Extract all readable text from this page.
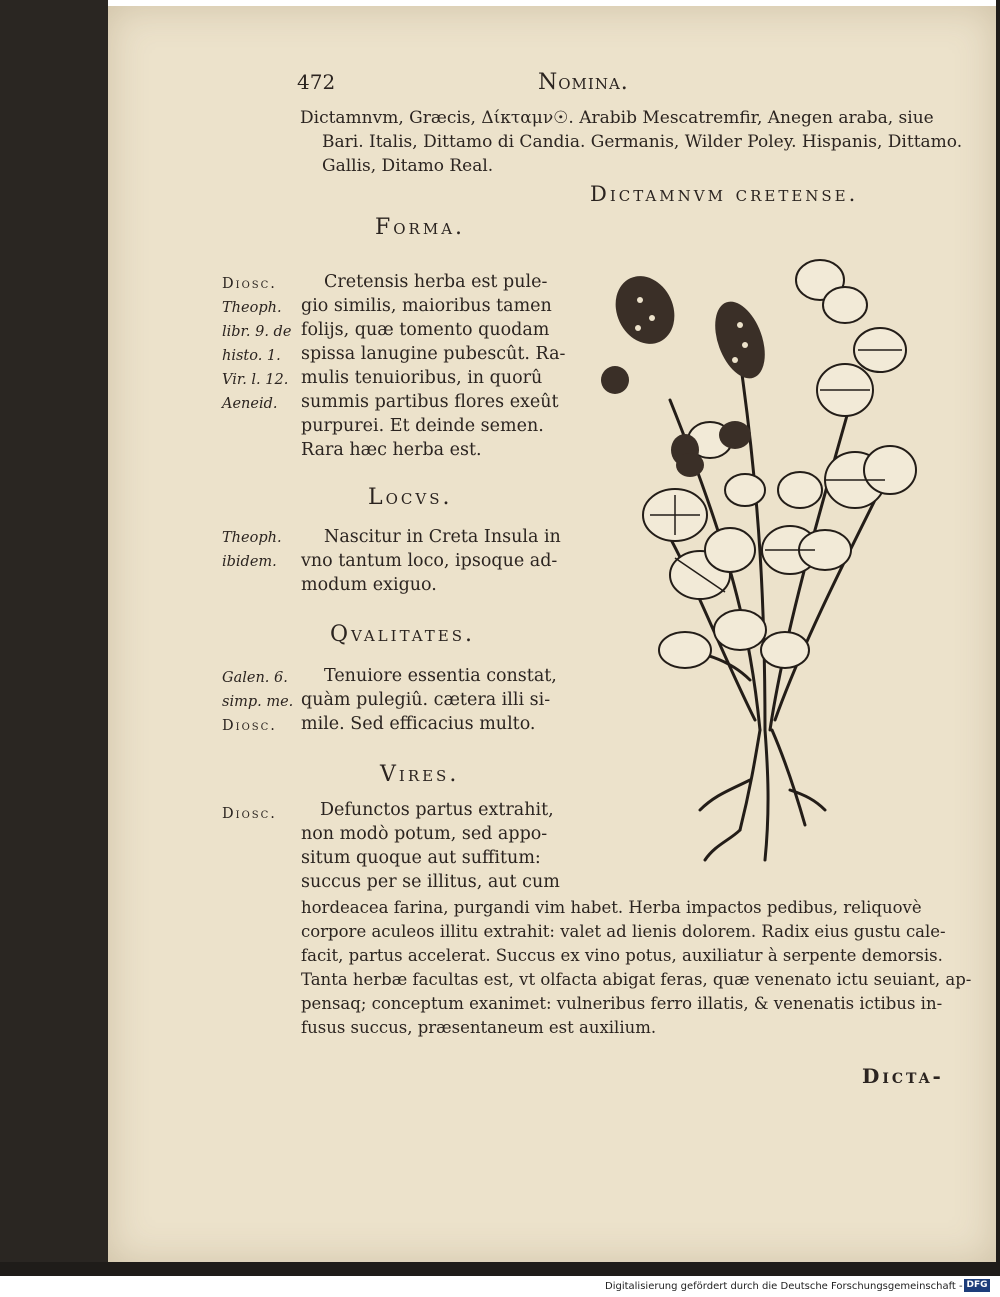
472	Nomina.
Dictamnvm, Græcis, Δίκταμν☉. Arabib Mescatremfir, Anegen araba, siue
Bari. Italis, Dittamo di Candia. Germanis, Wilder Poley. Hispanis, Dittamo.
Gallis, Ditamo Real.
Dictamnvm cretense.
Forma.
Diosc.
Theoph.
libr. 9. de
histo. 1.
Vir. l. 12.
Aeneid.
Cretensis herba est pule-
gio similis, maioribus tamen
folijs, quæ tomento quodam
spissa lanugine pubescût. Ra-
mulis tenuioribus, in quorû
summis partibus flores exeût
purpurei. Et deinde semen.
Rara hæc herba est.
Locvs.
Theoph.
ibidem.
Nascitur in Creta Insula in
vno tantum loco, ipsoque ad-
modum exiguo.
Qvalitates.
Galen. 6.
simp. me.
Diosc.
Tenuiore essentia constat,
quàm pulegiû. cætera illi si-
mile. Sed efficacius multo.
Vires.
Diosc. Defunctos partus extrahit,
non modò potum, sed appo-
situm quoque aut suffitum:
succus per se illitus, aut cum
hordeacea farina, purgandi vim habet. Herba impactos pedibus, reliquovè
corpore aculeos illitu extrahit: valet ad lienis dolorem. Radix eius gustu cale-
facit, partus accelerat. Succus ex vino potus, auxiliatur à serpente demorsis.
Tanta herbæ facultas est, vt olfacta abigat feras, quæ venenato ictu seuiant, ap-
pensaq; conceptum exanimet: vulneribus ferro illatis, & venenatis ictibus in-
fusus succus, præsentaneum est auxilium.
Dicta-
Digitalisierung gefördert durch die Deutsche Forschungsgemeinschaft - DFG
